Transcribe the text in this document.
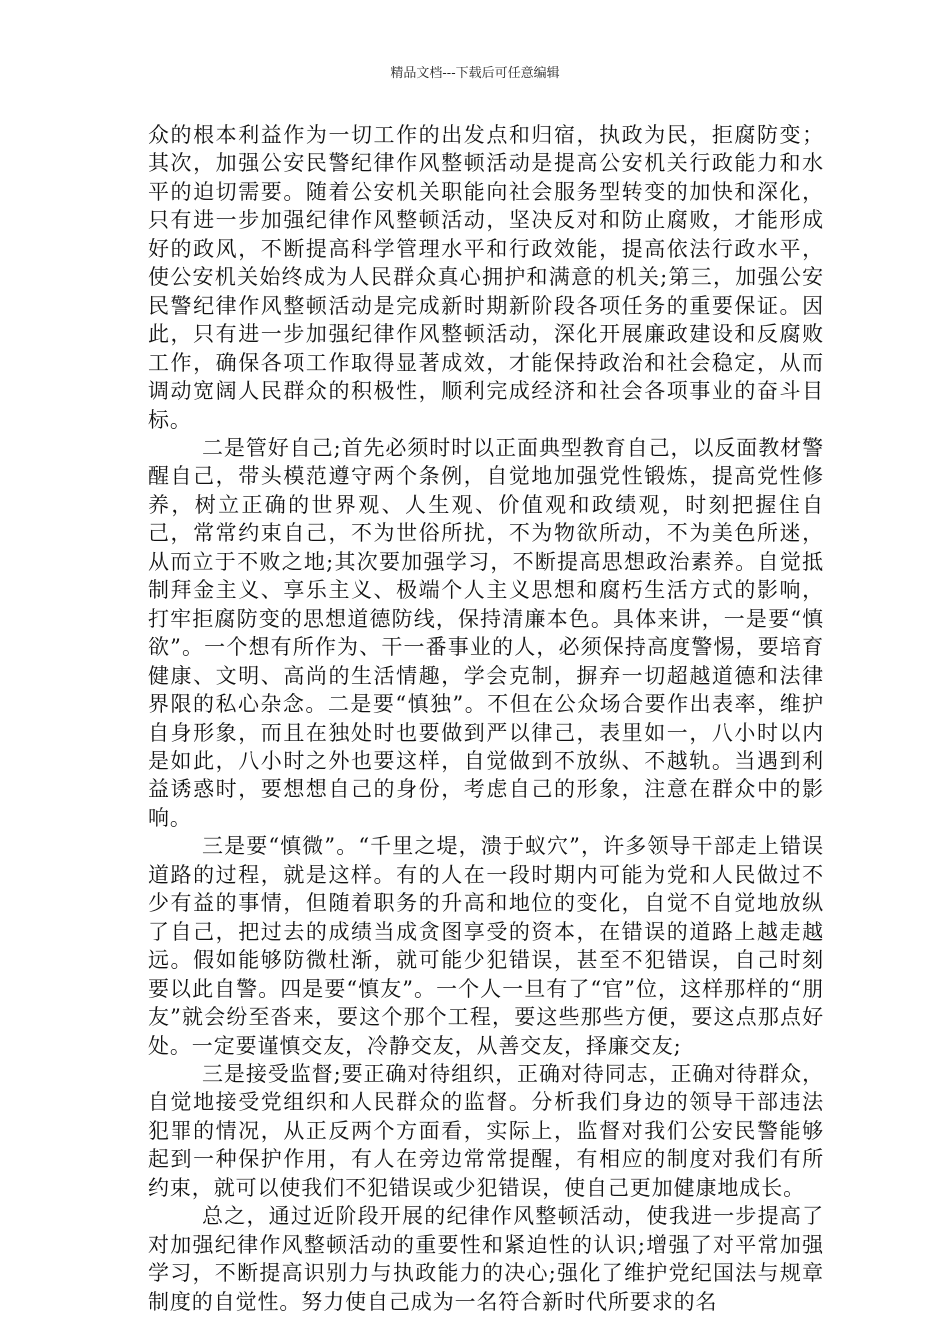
精品文档---下载后可任意编辑

众的根本利益作为一切工作的出发点和归宿，执政为民，拒腐防变；其次，加强公安民警纪律作风整顿活动是提高公安机关行政能力和水平的迫切需要。随着公安机关职能向社会服务型转变的加快和深化，只有进一步加强纪律作风整顿活动，坚决反对和防止腐败，才能形成好的政风，不断提高科学管理水平和行政效能，提高依法行政水平，使公安机关始终成为人民群众真心拥护和满意的机关;第三，加强公安民警纪律作风整顿活动是完成新时期新阶段各项任务的重要保证。因此，只有进一步加强纪律作风整顿活动，深化开展廉政建设和反腐败工作，确保各项工作取得显著成效，才能保持政治和社会稳定，从而调动宽阔人民群众的积极性，顺利完成经济和社会各项事业的奋斗目标。

二是管好自己;首先必须时时以正面典型教育自己，以反面教材警醒自己，带头模范遵守两个条例，自觉地加强党性锻炼，提高党性修养，树立正确的世界观、人生观、价值观和政绩观，时刻把握住自己，常常约束自己，不为世俗所扰，不为物欲所动，不为美色所迷，从而立于不败之地;其次要加强学习，不断提高思想政治素养。自觉抵制拜金主义、享乐主义、极端个人主义思想和腐朽生活方式的影响，打牢拒腐防变的思想道德防线，保持清廉本色。具体来讲，一是要“慎欲”。一个想有所作为、干一番事业的人，必须保持高度警惕，要培育健康、文明、高尚的生活情趣，学会克制，摒弃一切超越道德和法律界限的私心杂念。二是要“慎独”。不但在公众场合要作出表率，维护自身形象，而且在独处时也要做到严以律己，表里如一，八小时以内是如此，八小时之外也要这样，自觉做到不放纵、不越轨。当遇到利益诱惑时，要想想自己的身份，考虑自己的形象，注意在群众中的影响。

三是要“慎微”。“千里之堤，溃于蚁穴”，许多领导干部走上错误道路的过程，就是这样。有的人在一段时期内可能为党和人民做过不少有益的事情，但随着职务的升高和地位的变化，自觉不自觉地放纵了自己，把过去的成绩当成贪图享受的资本，在错误的道路上越走越远。假如能够防微杜渐，就可能少犯错误，甚至不犯错误，自己时刻要以此自警。四是要“慎友”。一个人一旦有了“官”位，这样那样的“朋友”就会纷至沓来，要这个那个工程，要这些那些方便，要这点那点好处。一定要谨慎交友，冷静交友，从善交友，择廉交友;

三是接受监督;要正确对待组织，正确对待同志，正确对待群众，自觉地接受党组织和人民群众的监督。分析我们身边的领导干部违法犯罪的情况，从正反两个方面看，实际上，监督对我们公安民警能够起到一种保护作用，有人在旁边常常提醒，有相应的制度对我们有所约束，就可以使我们不犯错误或少犯错误，使自己更加健康地成长。

总之，通过近阶段开展的纪律作风整顿活动，使我进一步提高了对加强纪律作风整顿活动的重要性和紧迫性的认识;增强了对平常加强学习，不断提高识别力与执政能力的决心;强化了维护党纪国法与规章制度的自觉性。努力使自己成为一名符合新时代所要求的名
